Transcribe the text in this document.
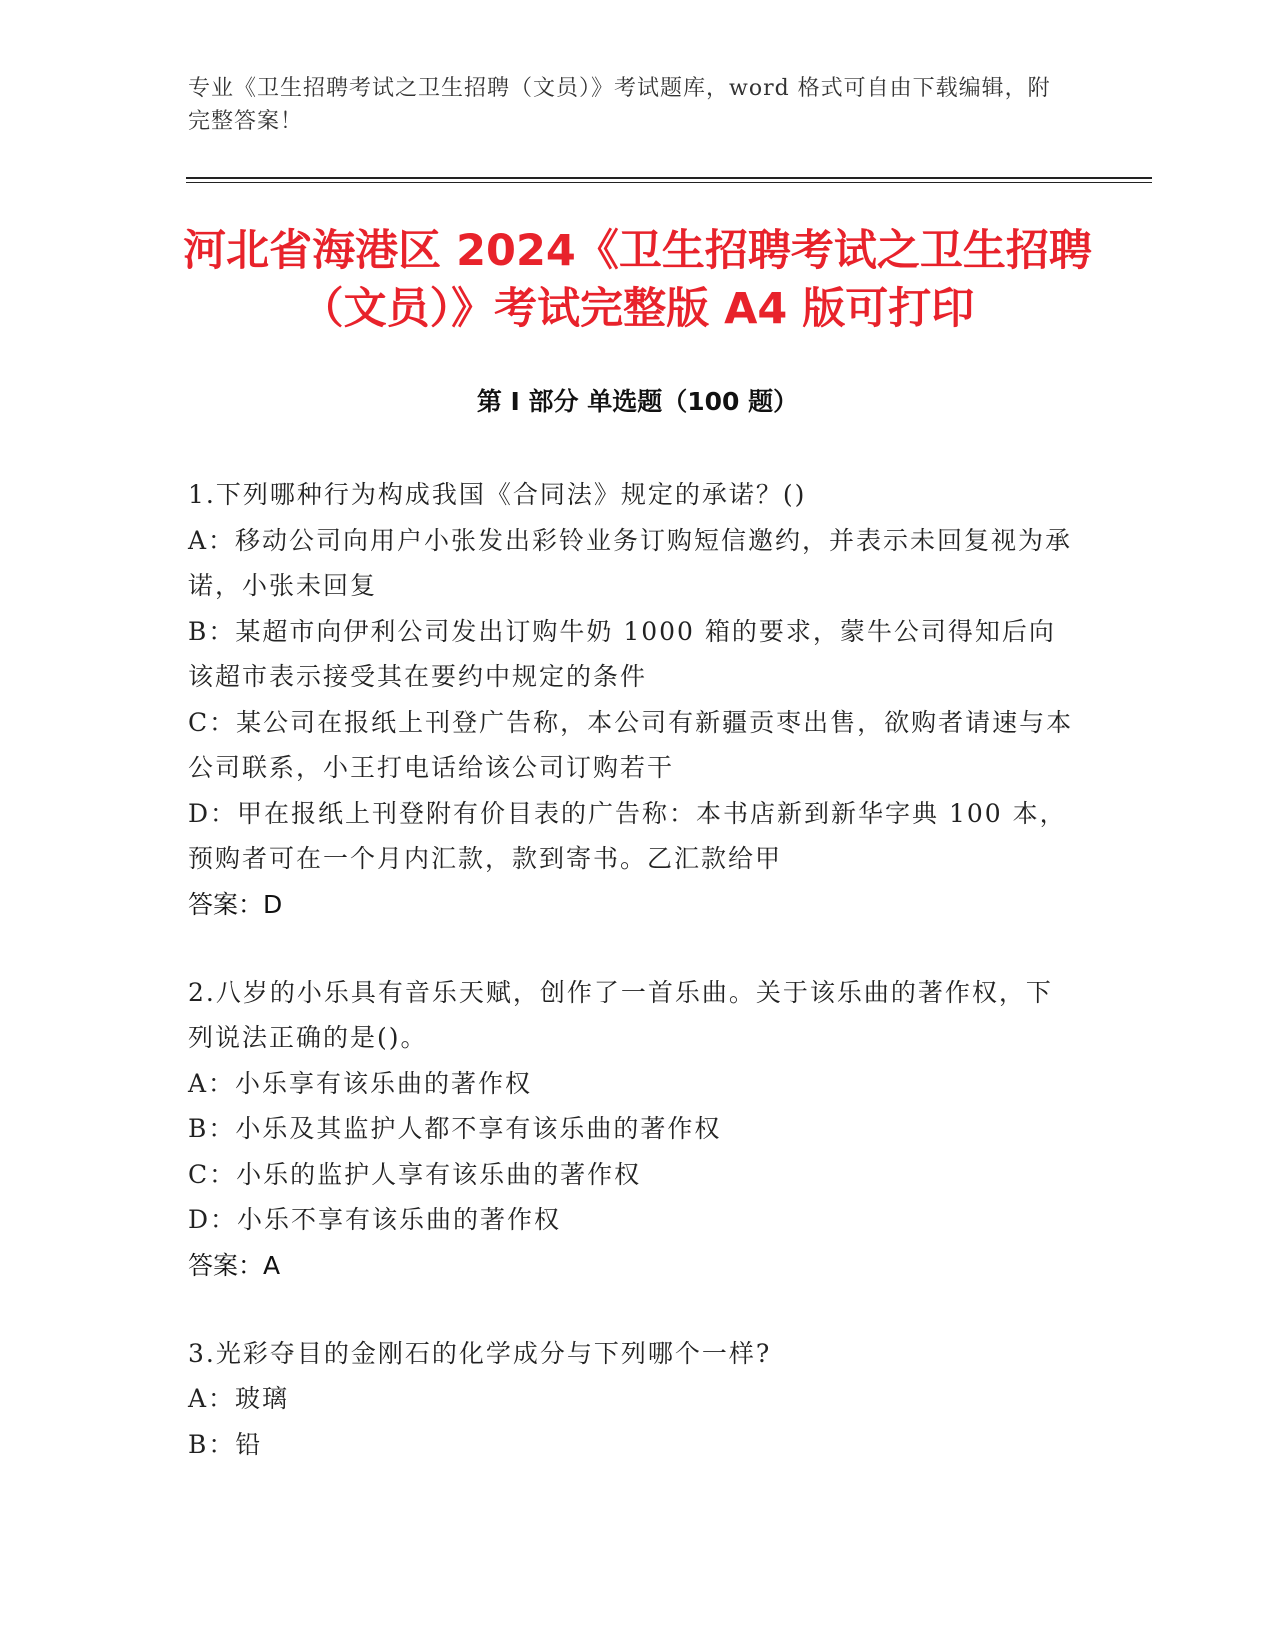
专业《卫生招聘考试之卫生招聘（文员）》考试题库，word 格式可自由下载编辑，附完整答案！
河北省海港区 2024《卫生招聘考试之卫生招聘（文员）》考试完整版 A4 版可打印
第 I 部分 单选题（100 题）
1.下列哪种行为构成我国《合同法》规定的承诺？()
A：移动公司向用户小张发出彩铃业务订购短信邀约，并表示未回复视为承诺，小张未回复
B：某超市向伊利公司发出订购牛奶 1000 箱的要求，蒙牛公司得知后向该超市表示接受其在要约中规定的条件
C：某公司在报纸上刊登广告称，本公司有新疆贡枣出售，欲购者请速与本公司联系，小王打电话给该公司订购若干
D：甲在报纸上刊登附有价目表的广告称：本书店新到新华字典 100 本，预购者可在一个月内汇款，款到寄书。乙汇款给甲
答案：D
2.八岁的小乐具有音乐天赋，创作了一首乐曲。关于该乐曲的著作权，下列说法正确的是()。
A：小乐享有该乐曲的著作权
B：小乐及其监护人都不享有该乐曲的著作权
C：小乐的监护人享有该乐曲的著作权
D：小乐不享有该乐曲的著作权
答案：A
3.光彩夺目的金刚石的化学成分与下列哪个一样?
A：玻璃
B：铅
